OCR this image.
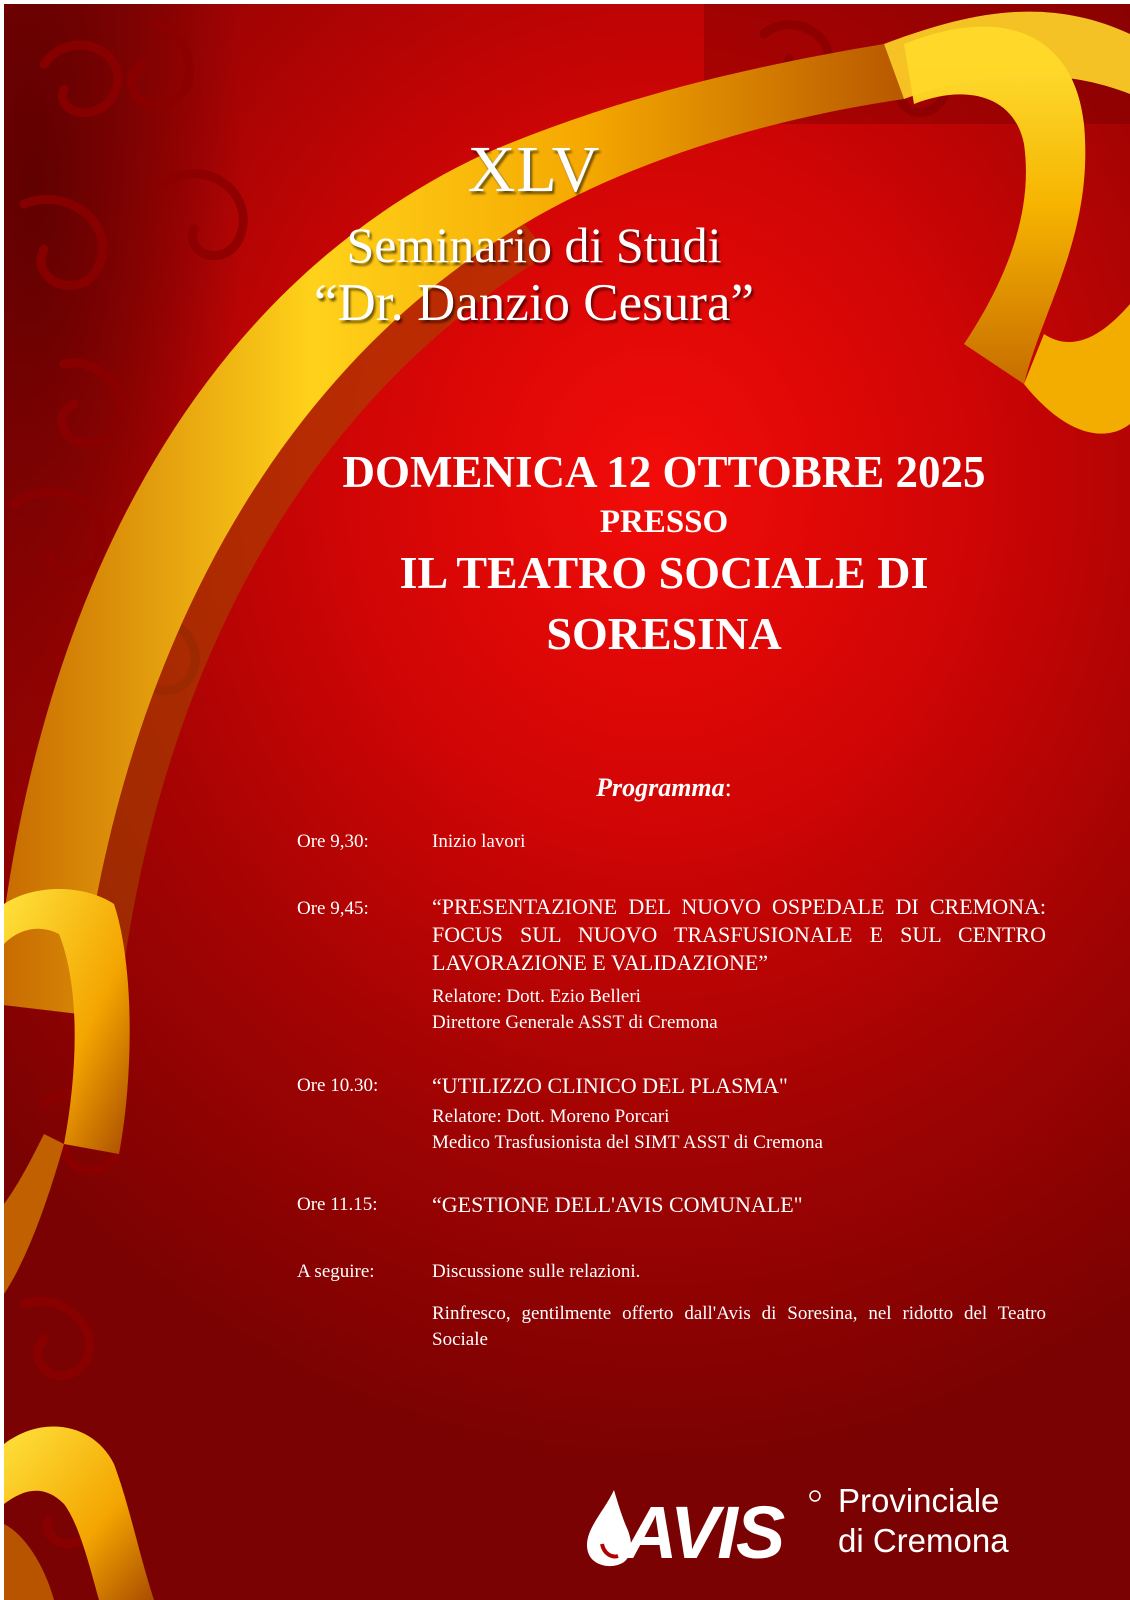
XLV
Seminario di Studi
“Dr. Danzio Cesura”
DOMENICA 12 OTTOBRE 2025
PRESSO
IL TEATRO SOCIALE DI
SORESINA
Programma:
Ore 9,30:	Inizio lavori
Ore 9,45:	“PRESENTAZIONE DEL NUOVO OSPEDALE DI CREMONA: FOCUS SUL NUOVO TRASFUSIONALE E SUL CENTRO LAVORAZIONE E VALIDAZIONE”
Relatore: Dott. Ezio Belleri
Direttore Generale ASST di Cremona
Ore 10.30: “UTILIZZO CLINICO DEL PLASMA"
Relatore: Dott. Moreno Porcari
Medico Trasfusionista del SIMT ASST di Cremona
Ore 11.15: “GESTIONE DELL'AVIS COMUNALE"
A seguire:	Discussione sulle relazioni.
Rinfresco, gentilmente offerto dall'Avis di Soresina, nel ridotto del Teatro Sociale
AVIS Provinciale
di Cremona
